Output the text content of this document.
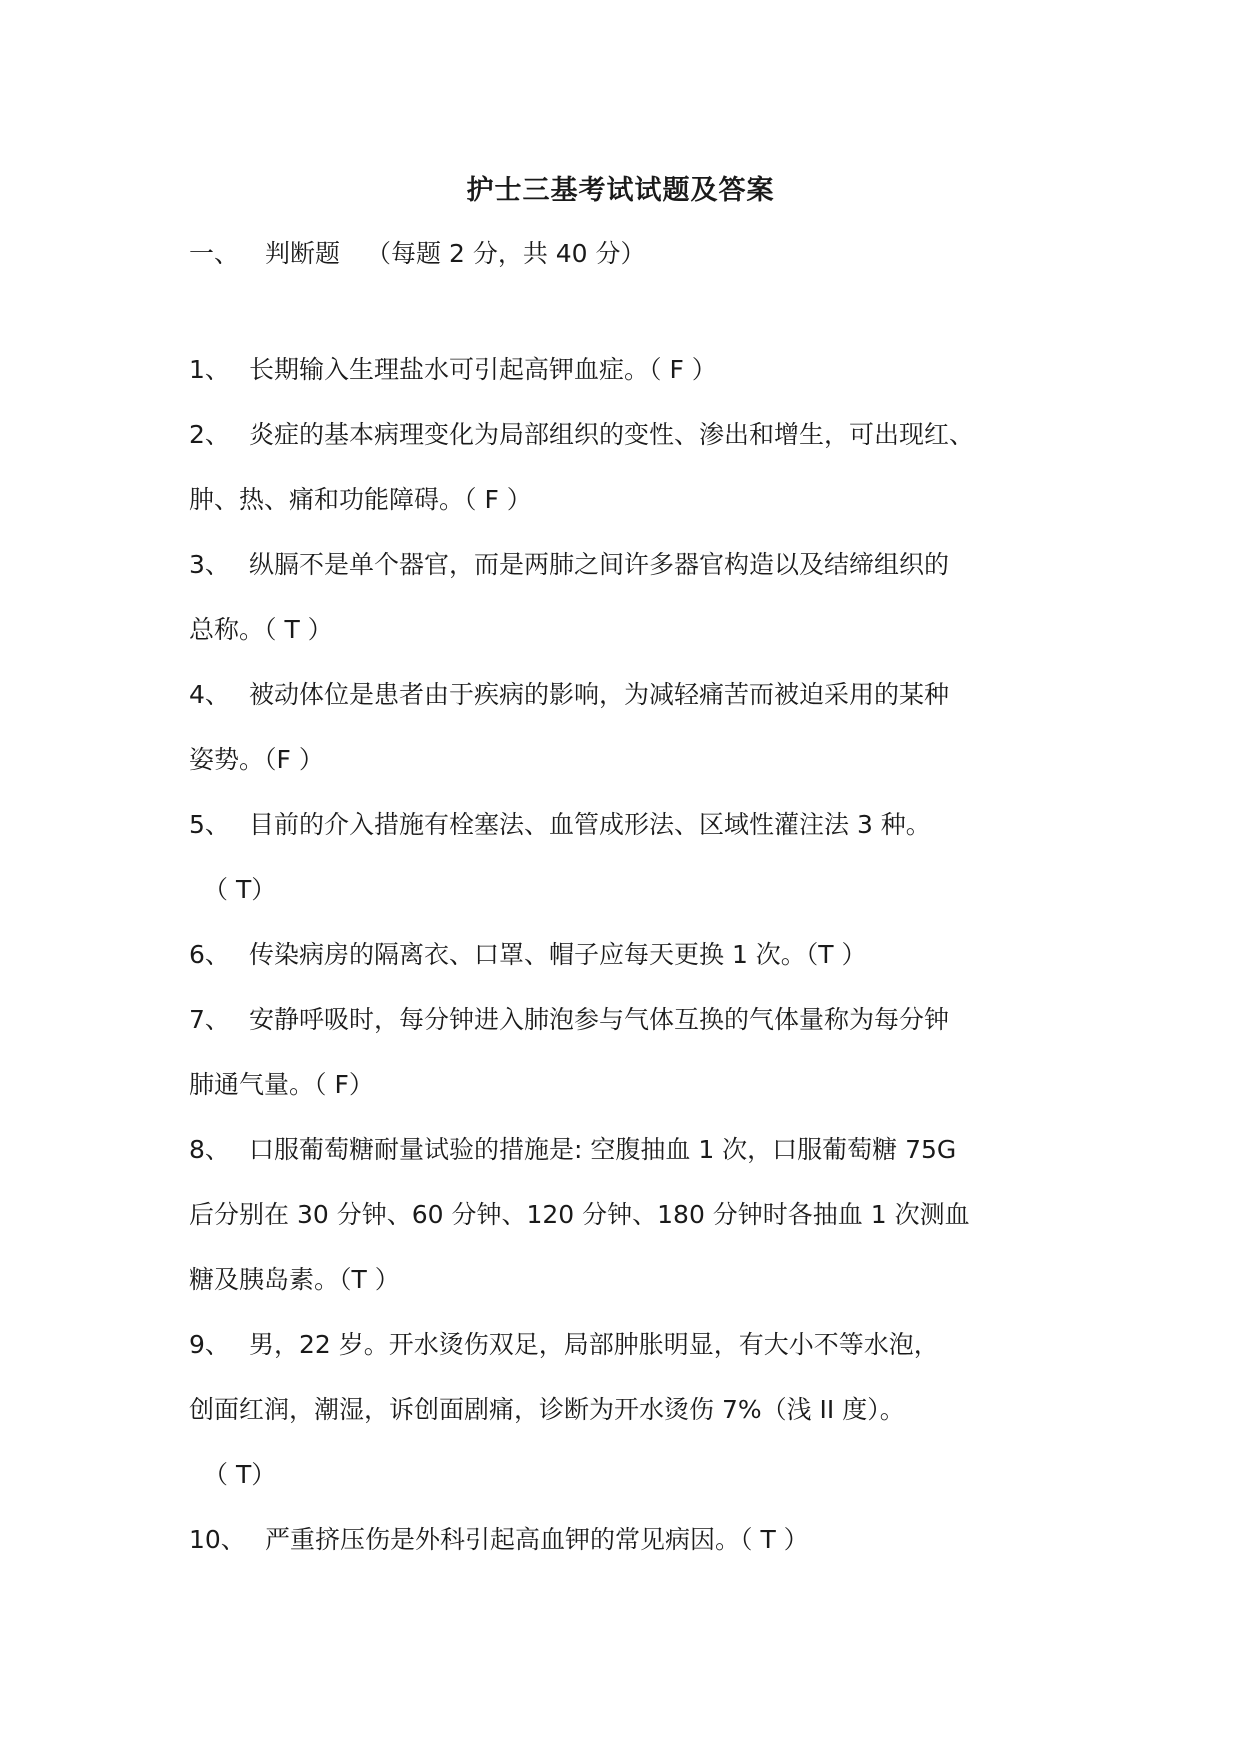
护士三基考试试题及答案
一、 判断题 （每题 2 分，共 40 分）
1、 长期输入生理盐水可引起高钾血症。（ F ）
2、 炎症的基本病理变化为局部组织的变性、渗出和增生，可出现红、
肿、热、痛和功能障碍。（ F ）
3、 纵膈不是单个器官，而是两肺之间许多器官构造以及结缔组织的
总称。（ T ）
4、 被动体位是患者由于疾病的影响，为减轻痛苦而被迫采用的某种
姿势。（F ）
5、 目前的介入措施有栓塞法、血管成形法、区域性灌注法 3 种。
（ T）
6、 传染病房的隔离衣、口罩、帽子应每天更换 1 次。（T ）
7、 安静呼吸时，每分钟进入肺泡参与气体互换的气体量称为每分钟
肺通气量。（ F）
8、 口服葡萄糖耐量试验的措施是: 空腹抽血 1 次，口服葡萄糖 75G
后分别在 30 分钟、60 分钟、120 分钟、180 分钟时各抽血 1 次测血
糖及胰岛素。（T ）
9、 男，22 岁。开水烫伤双足，局部肿胀明显，有大小不等水泡，
创面红润，潮湿，诉创面剧痛，诊断为开水烫伤 7%（浅 II 度）。
（ T）
10、 严重挤压伤是外科引起高血钾的常见病因。（ T ）
